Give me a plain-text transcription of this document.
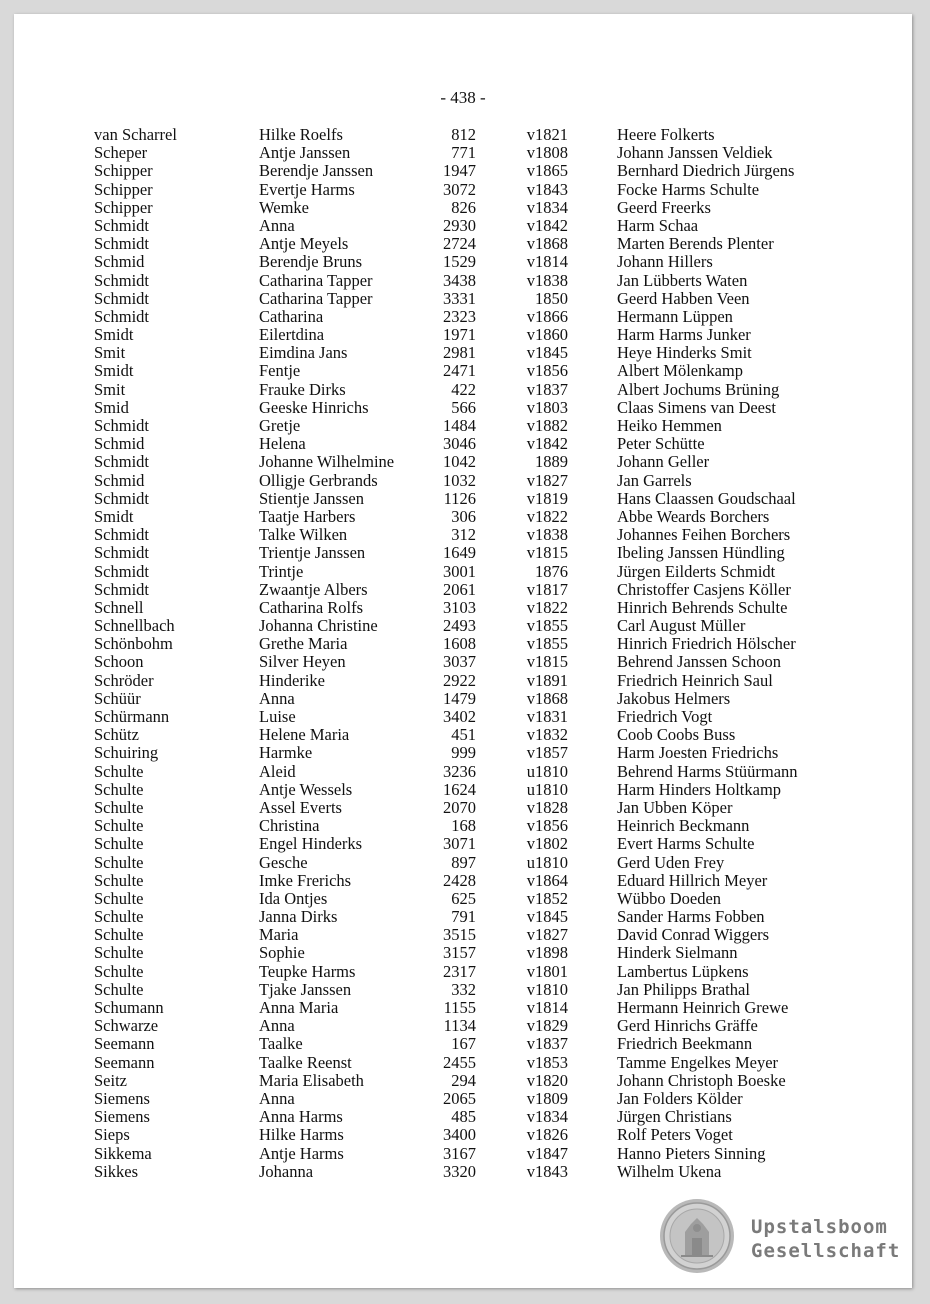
- 438 -
van Scharrel	Hilke Roelfs	812	v1821	Heere Folkerts
Scheper	Antje Janssen	771	v1808	Johann Janssen Veldiek
Schipper	Berendje Janssen	1947	v1865	Bernhard Diedrich Jürgens
Schipper	Evertje Harms	3072	v1843	Focke Harms Schulte
Schipper	Wemke	826	v1834	Geerd Freerks
Schmidt	Anna	2930	v1842	Harm Schaa
Schmidt	Antje Meyels	2724	v1868	Marten Berends Plenter
Schmid	Berendje Bruns	1529	v1814	Johann Hillers
Schmidt	Catharina Tapper	3438	v1838	Jan Lübberts Waten
Schmidt	Catharina Tapper	3331	1850	Geerd Habben Veen
Schmidt	Catharina	2323	v1866	Hermann Lüppen
Smidt	Eilertdina	1971	v1860	Harm Harms Junker
Smit	Eimdina Jans	2981	v1845	Heye Hinderks Smit
Smidt	Fentje	2471	v1856	Albert Mölenkamp
Smit	Frauke Dirks	422	v1837	Albert Jochums Brüning
Smid	Geeske Hinrichs	566	v1803	Claas Simens van Deest
Schmidt	Gretje	1484	v1882	Heiko Hemmen
Schmid	Helena	3046	v1842	Peter Schütte
Schmidt	Johanne Wilhelmine	1042	1889	Johann Geller
Schmid	Olligje Gerbrands	1032	v1827	Jan Garrels
Schmidt	Stientje Janssen	1126	v1819	Hans Claassen Goudschaal
Smidt	Taatje Harbers	306	v1822	Abbe Weards Borchers
Schmidt	Talke Wilken	312	v1838	Johannes Feihen Borchers
Schmidt	Trientje Janssen	1649	v1815	Ibeling Janssen Hündling
Schmidt	Trintje	3001	1876	Jürgen Eilderts Schmidt
Schmidt	Zwaantje Albers	2061	v1817	Christoffer Casjens Köller
Schnell	Catharina Rolfs	3103	v1822	Hinrich Behrends Schulte
Schnellbach	Johanna Christine	2493	v1855	Carl August Müller
Schönbohm	Grethe Maria	1608	v1855	Hinrich Friedrich Hölscher
Schoon	Silver Heyen	3037	v1815	Behrend Janssen Schoon
Schröder	Hinderike	2922	v1891	Friedrich Heinrich Saul
Schüür	Anna	1479	v1868	Jakobus Helmers
Schürmann	Luise	3402	v1831	Friedrich Vogt
Schütz	Helene Maria	451	v1832	Coob Coobs Buss
Schuiring	Harmke	999	v1857	Harm Joesten Friedrichs
Schulte	Aleid	3236	u1810	Behrend Harms Stüürmann
Schulte	Antje Wessels	1624	u1810	Harm Hinders Holtkamp
Schulte	Assel Everts	2070	v1828	Jan Ubben Köper
Schulte	Christina	168	v1856	Heinrich Beckmann
Schulte	Engel Hinderks	3071	v1802	Evert Harms Schulte
Schulte	Gesche	897	u1810	Gerd Uden Frey
Schulte	Imke Frerichs	2428	v1864	Eduard Hillrich Meyer
Schulte	Ida Ontjes	625	v1852	Wübbo Doeden
Schulte	Janna Dirks	791	v1845	Sander Harms Fobben
Schulte	Maria	3515	v1827	David Conrad Wiggers
Schulte	Sophie	3157	v1898	Hinderk Sielmann
Schulte	Teupke Harms	2317	v1801	Lambertus Lüpkens
Schulte	Tjake Janssen	332	v1810	Jan Philipps Brathal
Schumann	Anna Maria	1155	v1814	Hermann Heinrich Grewe
Schwarze	Anna	1134	v1829	Gerd Hinrichs Gräffe
Seemann	Taalke	167	v1837	Friedrich Beekmann
Seemann	Taalke Reenst	2455	v1853	Tamme Engelkes Meyer
Seitz	Maria Elisabeth	294	v1820	Johann Christoph Boeske
Siemens	Anna	2065	v1809	Jan Folders Kölder
Siemens	Anna Harms	485	v1834	Jürgen Christians
Sieps	Hilke Harms	3400	v1826	Rolf Peters Voget
Sikkema	Antje Harms	3167	v1847	Hanno Pieters Sinning
Sikkes	Johanna	3320	v1843	Wilhelm Ukena
Upstalsboom
Gesellschaft
